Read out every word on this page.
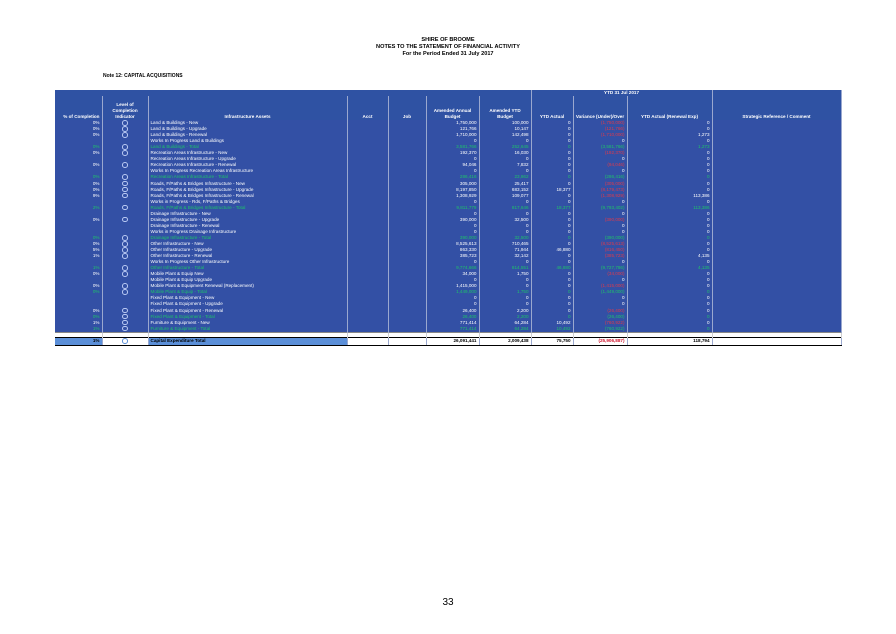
SHIRE OF BROOME
NOTES TO THE STATEMENT OF FINANCIAL ACTIVITY
For the Period Ended 31 July 2017
Note 12: CAPITAL ACQUISITIONS
							YTD 31 Jul 2017			
% of Completion	Level of Completion Indicator	Infrastructure Assets	Acct	Job	Amended Annual Budget	Amended YTD Budget	YTD Actual	Variance (Under)/Over	YTD Actual (Renewal Exp)	Strategic Reference / Comment
0%		Land & Buildings - New			1,750,000	100,000	0	(1,750,000)	0	
0%		Land & Buildings - Upgrade			121,766	10,147	0	(121,766)	0	
0%		Land & Buildings - Renewal			1,710,000	142,498	0	(1,710,000)	1,273	
		Works In Progress Land & Buildings			0	0	0	0	0	
0%		Land & Buildings - Total			3,581,766	252,645	0	(3,581,766)	1,273	
0%		Recreation Areas Infrastructure - New			192,370	16,030	0	(192,370)	0	
		Recreation Areas Infrastructure - Upgrade			0	0	0	0	0	
0%		Recreation Areas Infrastructure - Renewal			94,046	7,832	0	(94,046)	0	
		Works In Progress Recreation Areas Infrastructure			0	0	0	0	0	
0%		Recreation Areas Infrastructure - Total			286,416	23,862	0	(286,416)	0	
0%		Roads, F/Paths & Bridges Infrastructure - New			305,000	25,417	0	(305,000)	0	
0%		Roads, F/Paths & Bridges Infrastructure - Upgrade			8,197,850	683,152	18,377	(8,179,473)	0	
9%		Roads, F/Paths & Bridges Infrastructure - Renewal			1,308,929	109,077	0	(1,308,929)	113,386	
		Works in Progress - Rds, F/Paths & Bridges			0	0	0	0	0	
2%		Roads, F/Paths & Bridges Infrastructure - Total			9,811,779	817,646	18,377	(9,793,402)	113,386	
		Drainage Infrastructure - New			0	0	0	0	0	
0%		Drainage Infrastructure - Upgrade			390,000	32,500	0	(390,000)	0	
		Drainage Infrastructure - Renewal			0	0	0	0	0	
		Works in Progress Drainage Infrastructure			0	0	0	0	0	
0%		Drainage Infrastructure - Total			390,000	32,500	0	(390,000)	0	
0%		Other Infrastructure - New			8,525,613	710,465	0	(8,525,613)	0	
5%		Other Infrastructure - Upgrade			863,330	71,944	46,880	(816,450)	0	
1%		Other Infrastructure - Renewal			385,723	32,142	0	(385,723)	4,135	
		Works In Progress Other Infrastructure			0	0	0	0	0	
1%		Other Infrastructure - Total			9,774,666	814,551	46,880	(9,727,786)	4,135	
0%		Mobile Plant & Equip New			34,000	1,750	0	(34,000)	0	
		Mobile Plant & Equip Upgrade			0	0	0	0	0	
0%		Mobile Plant & Equipment Renewal (Replacement)			1,415,000	0	0	(1,415,000)	0	
0%		Mobile Plant & Equip - Total			1,449,000	1,750	0	(1,449,000)	0	
		Fixed Plant & Equipment - New			0	0	0	0	0	
		Fixed Plant & Equipment - Upgrade			0	0	0	0	0	
0%		Fixed Plant & Equipment - Renewal			26,400	2,200	0	(26,400)	0	
0%		Fixed Plant & Equipment - Total			26,400	2,200	0	(26,400)	0	
1%		Furniture & Equipment - New			771,414	64,284	10,492	(760,922)	0	
1%		Furniture & Equipment - Total			771,414	64,284	10,492	(760,922)	0	

1%		Capital Expenditure Total			26,091,441	2,009,438	75,750	(25,906,887)	118,794	
33
